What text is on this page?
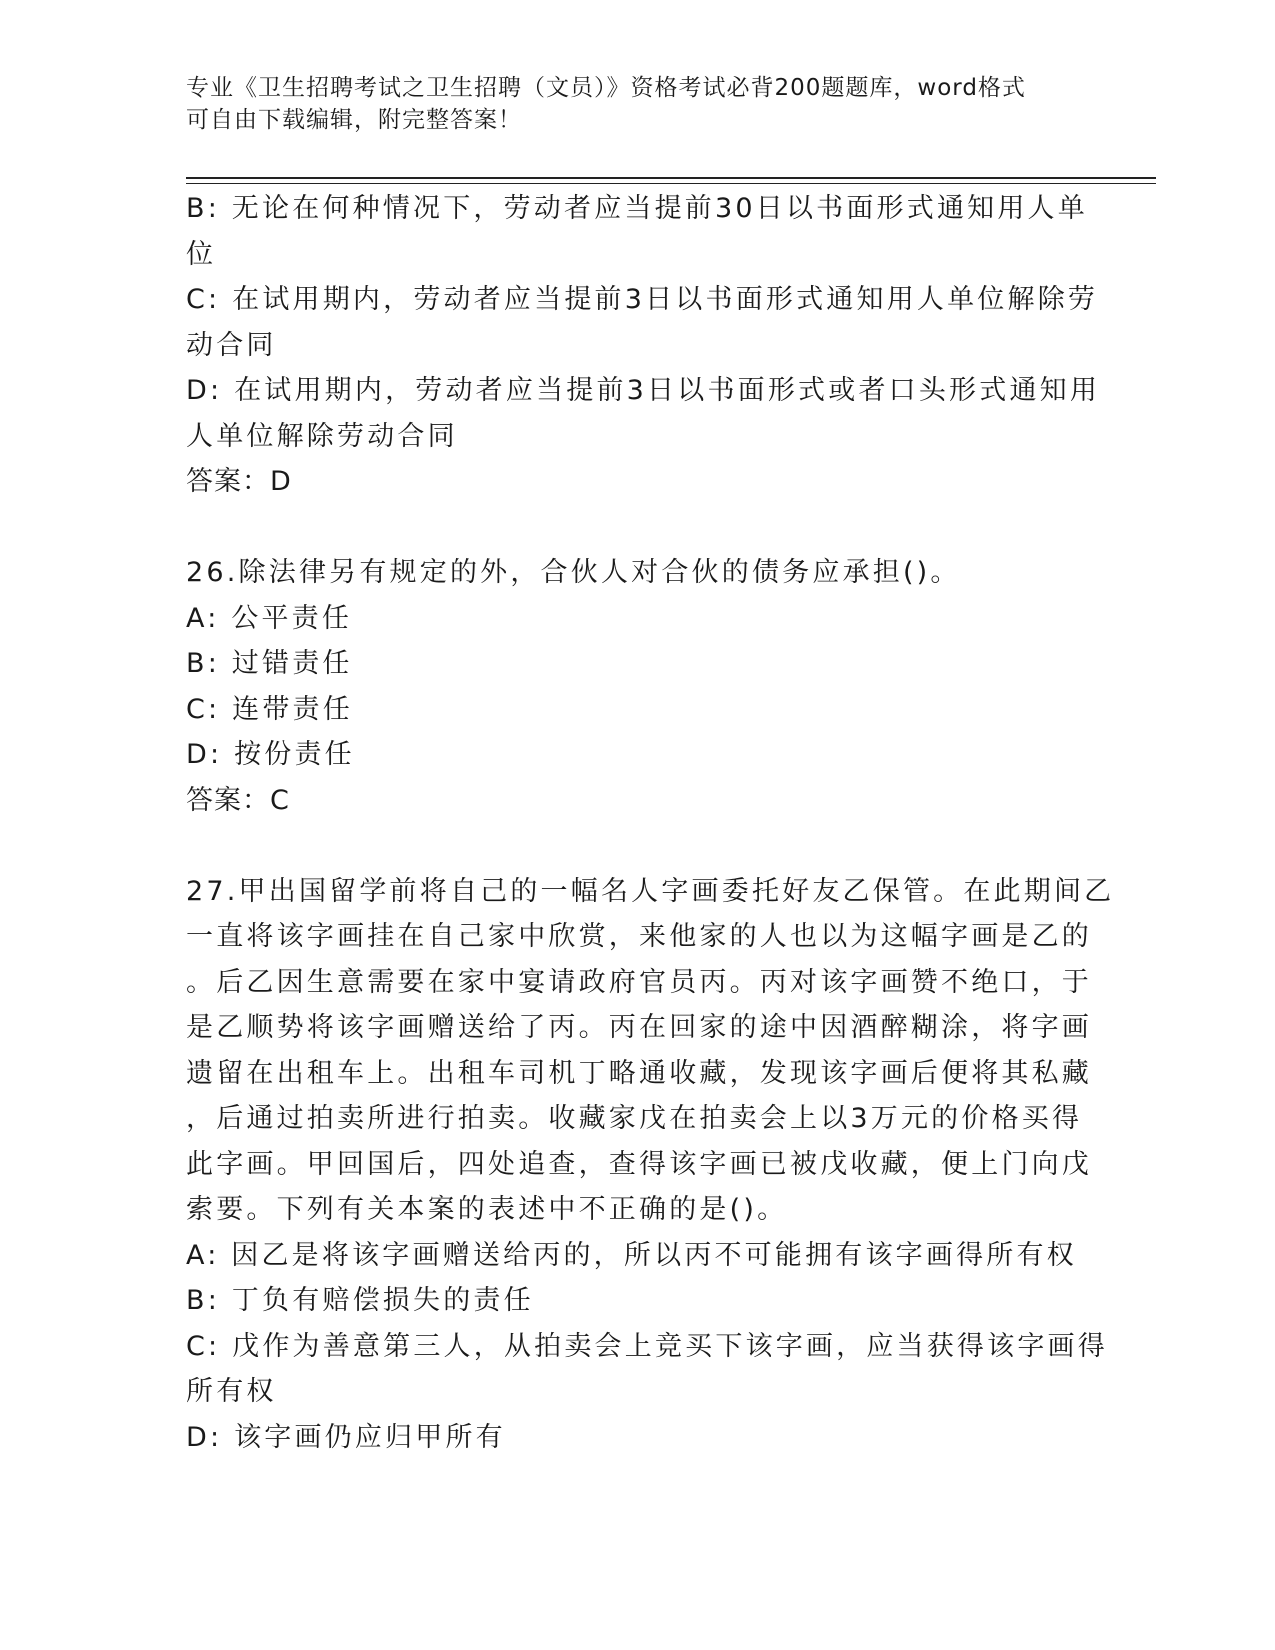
专业《卫生招聘考试之卫生招聘（文员）》资格考试必背200题题库，word格式
可自由下载编辑，附完整答案！
B: 无论在何种情况下，劳动者应当提前30日以书面形式通知用人单
位
C: 在试用期内，劳动者应当提前3日以书面形式通知用人单位解除劳
动合同
D: 在试用期内，劳动者应当提前3日以书面形式或者口头形式通知用
人单位解除劳动合同
答案：D
26.除法律另有规定的外，合伙人对合伙的债务应承担()。
A: 公平责任
B: 过错责任
C: 连带责任
D: 按份责任
答案：C
27.甲出国留学前将自己的一幅名人字画委托好友乙保管。在此期间乙
一直将该字画挂在自己家中欣赏，来他家的人也以为这幅字画是乙的
。后乙因生意需要在家中宴请政府官员丙。丙对该字画赞不绝口，于
是乙顺势将该字画赠送给了丙。丙在回家的途中因酒醉糊涂，将字画
遗留在出租车上。出租车司机丁略通收藏，发现该字画后便将其私藏
，后通过拍卖所进行拍卖。收藏家戊在拍卖会上以3万元的价格买得
此字画。甲回国后，四处追查，查得该字画已被戊收藏，便上门向戊
索要。下列有关本案的表述中不正确的是()。
A: 因乙是将该字画赠送给丙的，所以丙不可能拥有该字画得所有权
B: 丁负有赔偿损失的责任
C: 戊作为善意第三人，从拍卖会上竞买下该字画，应当获得该字画得
所有权
D: 该字画仍应归甲所有
